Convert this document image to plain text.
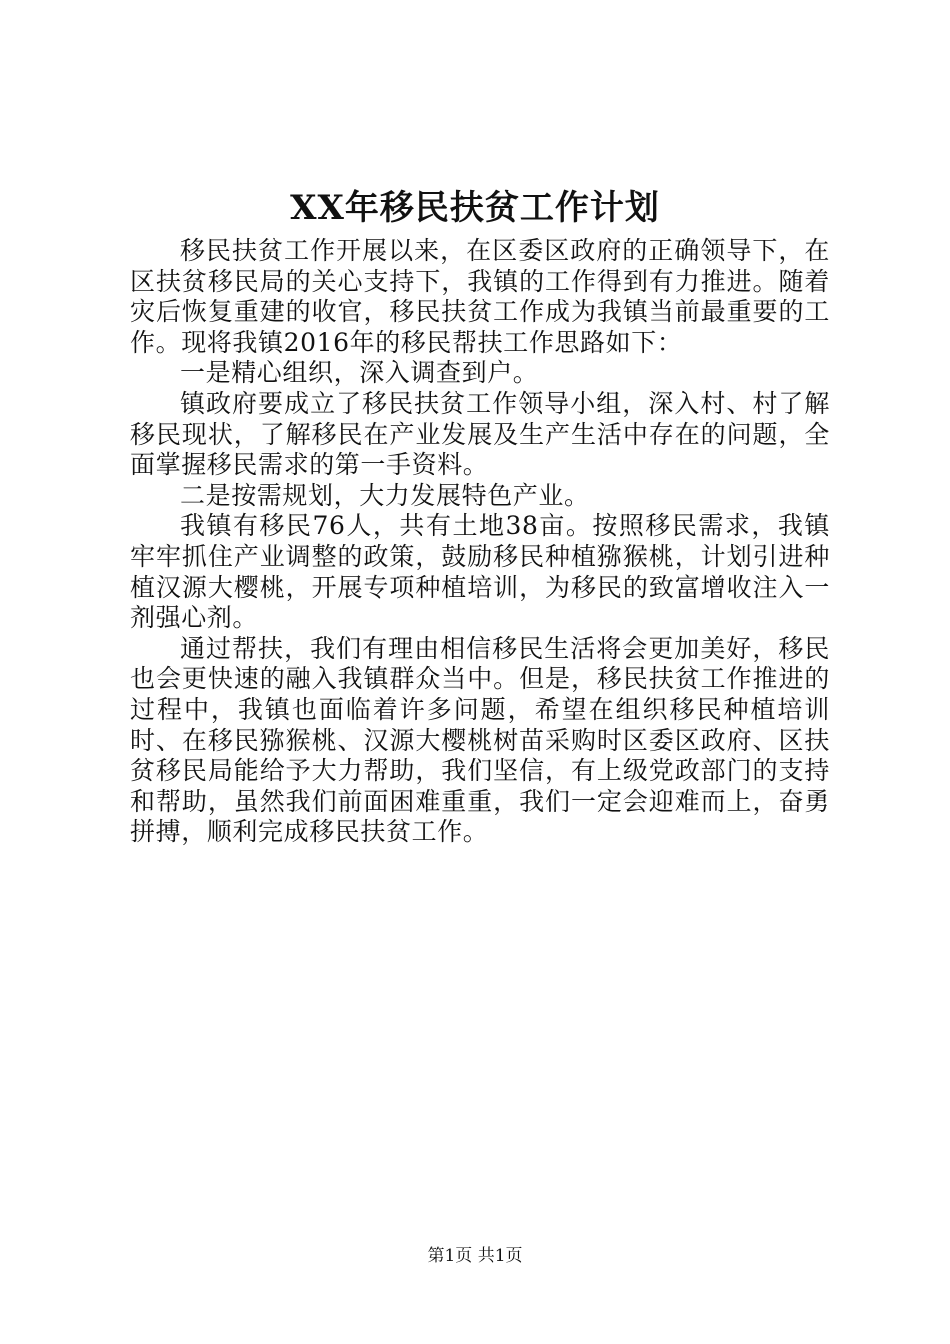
XX年移民扶贫工作计划

移民扶贫工作开展以来，在区委区政府的正确领导下，在区扶贫移民局的关心支持下，我镇的工作得到有力推进。随着灾后恢复重建的收官，移民扶贫工作成为我镇当前最重要的工作。现将我镇2016年的移民帮扶工作思路如下：

一是精心组织，深入调查到户。

镇政府要成立了移民扶贫工作领导小组，深入村、村了解移民现状，了解移民在产业发展及生产生活中存在的问题，全面掌握移民需求的第一手资料。

二是按需规划，大力发展特色产业。

我镇有移民76人，共有土地38亩。按照移民需求，我镇牢牢抓住产业调整的政策，鼓励移民种植猕猴桃，计划引进种植汉源大樱桃，开展专项种植培训，为移民的致富增收注入一剂强心剂。

通过帮扶，我们有理由相信移民生活将会更加美好，移民也会更快速的融入我镇群众当中。但是，移民扶贫工作推进的过程中，我镇也面临着许多问题，希望在组织移民种植培训时、在移民猕猴桃、汉源大樱桃树苗采购时区委区政府、区扶贫移民局能给予大力帮助，我们坚信，有上级党政部门的支持和帮助，虽然我们前面困难重重，我们一定会迎难而上，奋勇拼搏，顺利完成移民扶贫工作。

第1页 共1页
